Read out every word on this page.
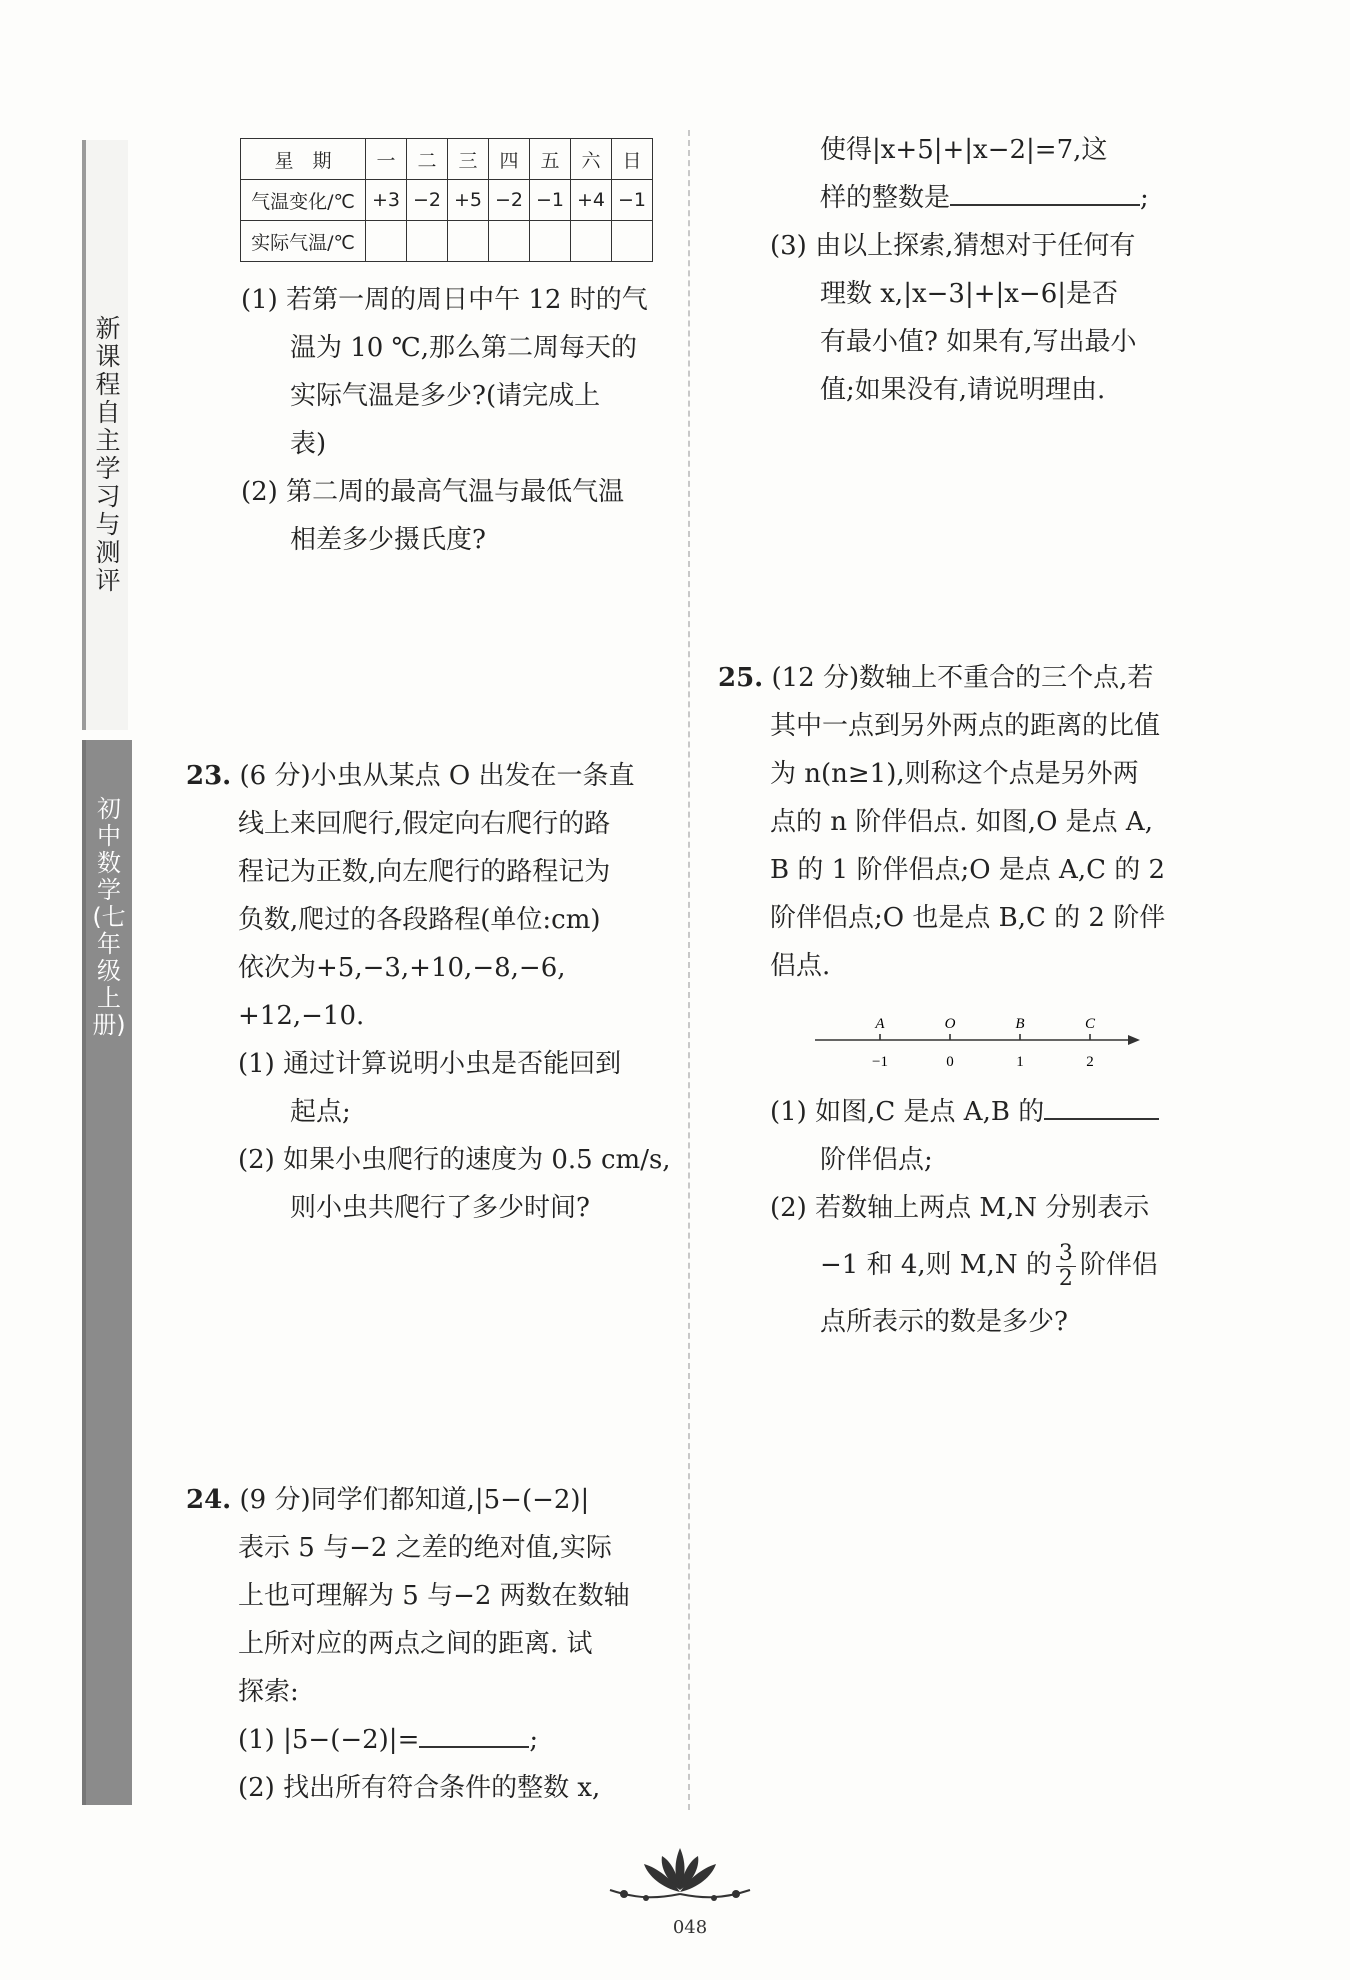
新课程自主学习与测评
初中数学(七年级上册)
星　期	一	二	三	四	五	六	日
气温变化/℃	+3	−2	+5	−2	−1	+4	−1
实际气温/℃							

(1) 若第一周的周日中午 12 时的气

温为 10 ℃,那么第二周每天的

实际气温是多少?(请完成上

表)

(2) 第二周的最高气温与最低气温

相差多少摄氏度?

23. (6 分)小虫从某点 O 出发在一条直

线上来回爬行,假定向右爬行的路

程记为正数,向左爬行的路程记为

负数,爬过的各段路程(单位:cm)

依次为+5,−3,+10,−8,−6,

+12,−10.

(1) 通过计算说明小虫是否能回到

起点;

(2) 如果小虫爬行的速度为 0.5 cm/s,

则小虫共爬行了多少时间?

24. (9 分)同学们都知道,|5−(−2)|

表示 5 与−2 之差的绝对值,实际

上也可理解为 5 与−2 两数在数轴

上所对应的两点之间的距离. 试

探索:

(1) |5−(−2)|=	;

(2) 找出所有符合条件的整数 x,

使得|x+5|+|x−2|=7,这

样的整数是	;

(3) 由以上探索,猜想对于任何有

理数 x,|x−3|+|x−6|是否

有最小值? 如果有,写出最小

值;如果没有,请说明理由.

25. (12 分)数轴上不重合的三个点,若

其中一点到另外两点的距离的比值

为 n(n≥1),则称这个点是另外两

点的 n 阶伴侣点. 如图,O 是点 A,

B 的 1 阶伴侣点;O 是点 A,C 的 2

阶伴侣点;O 也是点 B,C 的 2 阶伴

侣点.

A
−1
O
0
B
1
C
2

(1) 如图,C 是点 A,B 的

阶伴侣点;

(2) 若数轴上两点 M,N 分别表示

−1 和 4,则 M,N 的 $\frac{3}{2}$ 阶伴侣

点所表示的数是多少?

048
